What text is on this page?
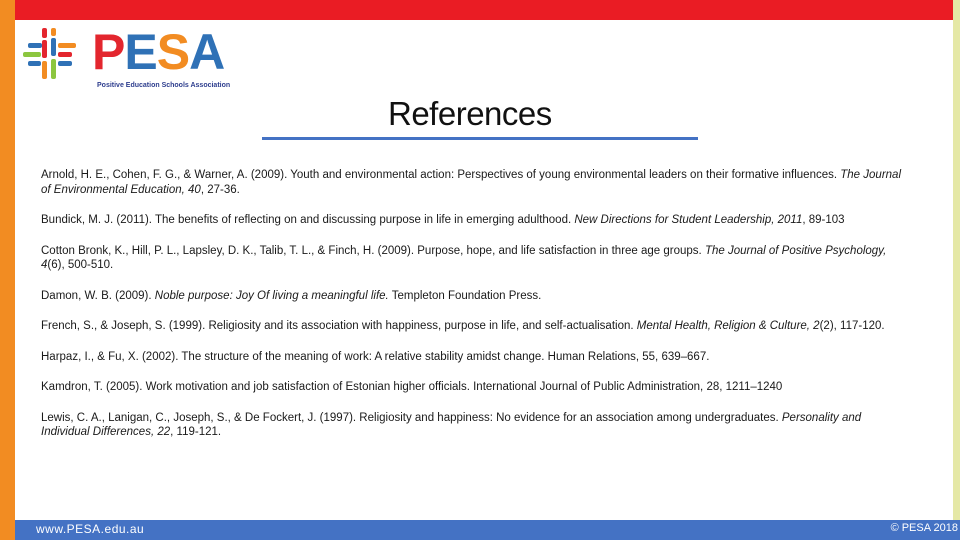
PESA
Positive Education Schools Association
References

Arnold, H. E., Cohen, F. G., & Warner, A. (2009). Youth and environmental action: Perspectives of young environmental leaders on their formative influences. The Journal of Environmental Education, 40, 27-36.

Bundick, M. J. (2011). The benefits of reflecting on and discussing purpose in life in emerging adulthood. New Directions for Student Leadership, 2011, 89-103

Cotton Bronk, K., Hill, P. L., Lapsley, D. K., Talib, T. L., & Finch, H. (2009). Purpose, hope, and life satisfaction in three age groups. The Journal of Positive Psychology, 4(6), 500-510.

Damon, W. B. (2009). Noble purpose: Joy Of living a meaningful life. Templeton Foundation Press.

French, S., & Joseph, S. (1999). Religiosity and its association with happiness, purpose in life, and self-actualisation. Mental Health, Religion & Culture, 2(2), 117-120.

Harpaz, I., & Fu, X. (2002). The structure of the meaning of work: A relative stability amidst change. Human Relations, 55, 639–667.

Kamdron, T. (2005). Work motivation and job satisfaction of Estonian higher officials. International Journal of Public Administration, 28, 1211–1240

Lewis, C. A., Lanigan, C., Joseph, S., & De Fockert, J. (1997). Religiosity and happiness: No evidence for an association among undergraduates. Personality and Individual Differences, 22, 119-121.

www.PESA.edu.au	© PESA 2018
